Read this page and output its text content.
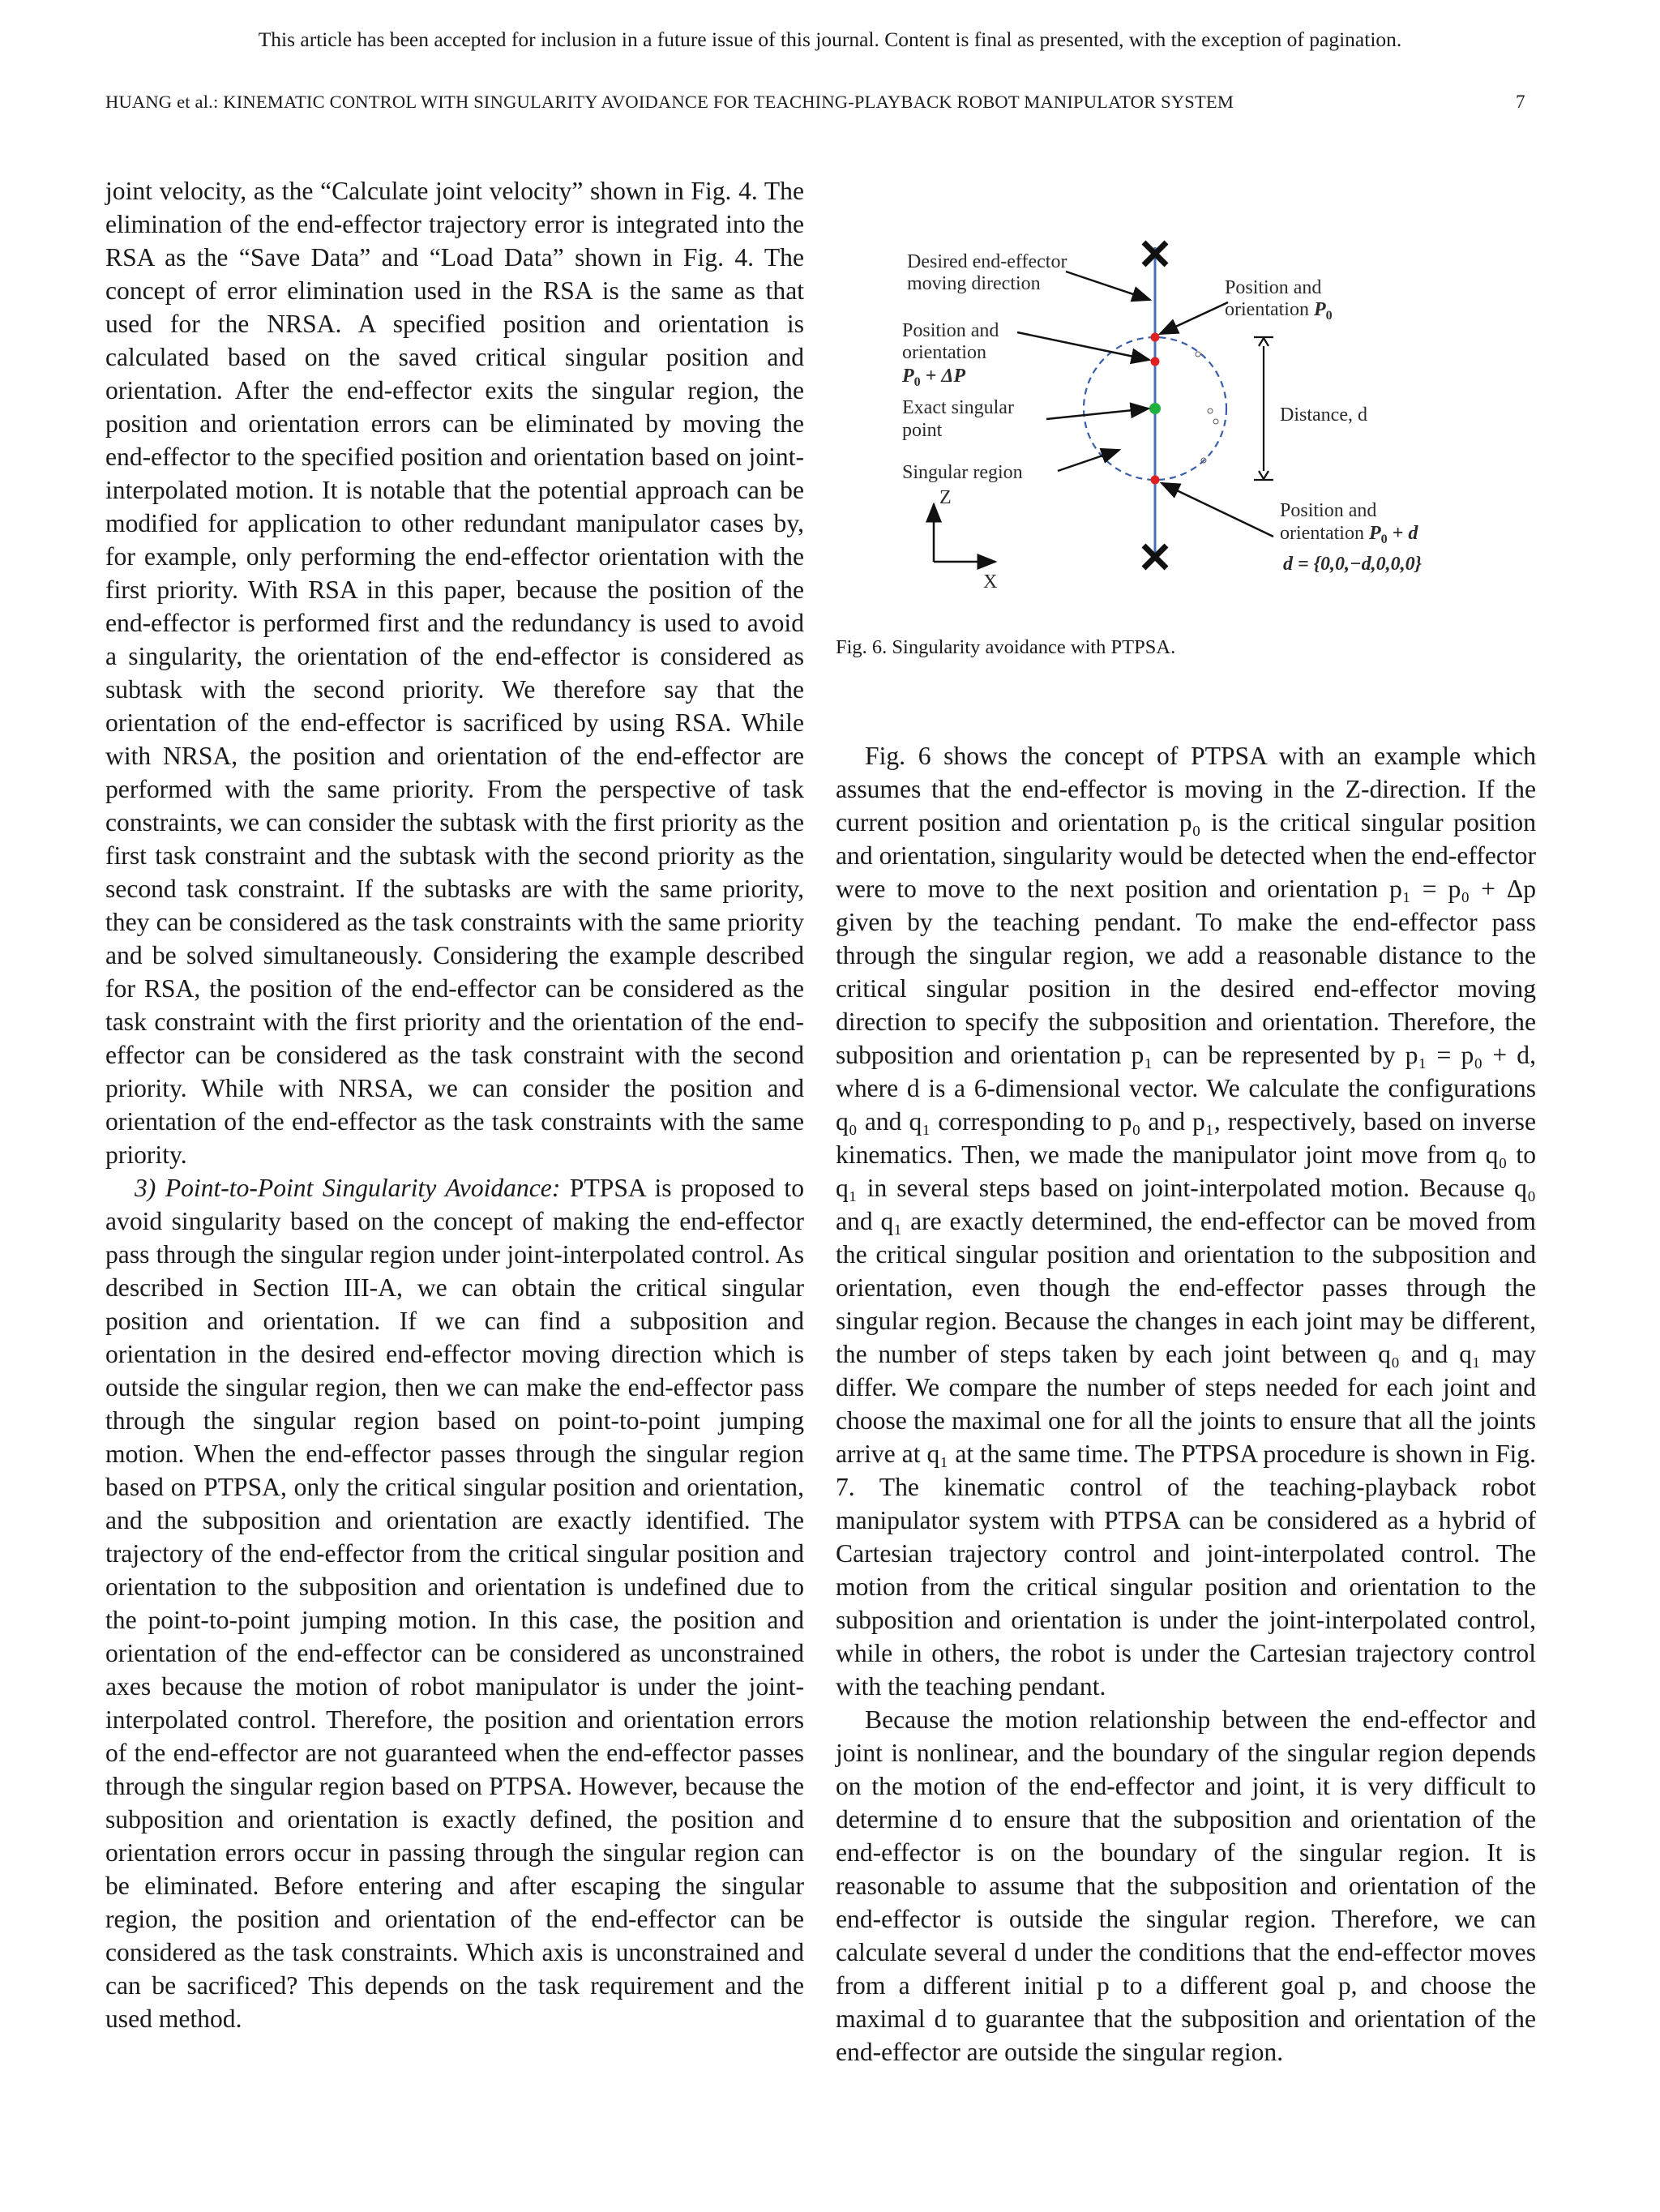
This article has been accepted for inclusion in a future issue of this journal. Content is final as presented, with the exception of pagination.
HUANG et al.: KINEMATIC CONTROL WITH SINGULARITY AVOIDANCE FOR TEACHING-PLAYBACK ROBOT MANIPULATOR SYSTEM	7

joint velocity, as the “Calculate joint velocity” shown in Fig. 4. The elimination of the end-effector trajectory error is integrated into the RSA as the “Save Data” and “Load Data” shown in Fig. 4. The concept of error elimination used in the RSA is the same as that used for the NRSA. A specified position and orientation is calculated based on the saved critical singular position and orientation. After the end-effector exits the singular region, the position and orientation errors can be eliminated by moving the end-effector to the specified position and orientation based on joint-interpolated motion. It is notable that the potential approach can be modified for application to other redundant manipulator cases by, for example, only performing the end-effector orientation with the first priority. With RSA in this paper, because the position of the end-effector is performed first and the redundancy is used to avoid a singularity, the orientation of the end-effector is considered as subtask with the second priority. We therefore say that the orientation of the end-effector is sacrificed by using RSA. While with NRSA, the position and orientation of the end-effector are performed with the same priority. From the perspective of task constraints, we can consider the subtask with the first priority as the first task constraint and the subtask with the second priority as the second task constraint. If the subtasks are with the same priority, they can be considered as the task constraints with the same priority and be solved simultaneously. Considering the example described for RSA, the position of the end-effector can be considered as the task constraint with the first priority and the orientation of the end-effector can be considered as the task constraint with the second priority. While with NRSA, we can consider the position and orientation of the end-effector as the task constraints with the same priority.

3) Point-to-Point Singularity Avoidance: PTPSA is proposed to avoid singularity based on the concept of making the end-effector pass through the singular region under joint-interpolated control. As described in Section III-A, we can obtain the critical singular position and orientation. If we can find a subposition and orientation in the desired end-effector moving direction which is outside the singular region, then we can make the end-effector pass through the singular region based on point-to-point jumping motion. When the end-effector passes through the singular region based on PTPSA, only the critical singular position and orientation, and the subposition and orientation are exactly identified. The trajectory of the end-effector from the critical singular position and orientation to the subposition and orientation is undefined due to the point-to-point jumping motion. In this case, the position and orientation of the end-effector can be considered as unconstrained axes because the motion of robot manipulator is under the joint-interpolated control. Therefore, the position and orientation errors of the end-effector are not guaranteed when the end-effector passes through the singular region based on PTPSA. However, because the subposition and orientation is exactly defined, the position and orientation errors occur in passing through the singular region can be eliminated. Before entering and after escaping the singular region, the position and orientation of the end-effector can be considered as the task constraints. Which axis is unconstrained and can be sacrificed? This depends on the task requirement and the used method.

Desired end-effector
moving direction	Position and
orientation $P_0$
Position and
orientation
$P_0 + \Delta P$
Exact singular
point
Singular region
Distance, d
Position and
orientation $P_0 + d$
d = {0,0,−d,0,0,0}
Z
X
Fig. 6. Singularity avoidance with PTPSA.

Fig. 6 shows the concept of PTPSA with an example which assumes that the end-effector is moving in the Z-direction. If the current position and orientation p₀ is the critical singular position and orientation, singularity would be detected when the end-effector were to move to the next position and orientation p₁ = p₀ + Δp given by the teaching pendant. To make the end-effector pass through the singular region, we add a reasonable distance to the critical singular position in the desired end-effector moving direction to specify the subposition and orientation. Therefore, the subposition and orientation p₁ can be represented by p₁ = p₀ + d, where d is a 6-dimensional vector. We calculate the configurations q₀ and q₁ corresponding to p₀ and p₁, respectively, based on inverse kinematics. Then, we made the manipulator joint move from q₀ to q₁ in several steps based on joint-interpolated motion. Because q₀ and q₁ are exactly determined, the end-effector can be moved from the critical singular position and orientation to the subposition and orientation, even though the end-effector passes through the singular region. Because the changes in each joint may be different, the number of steps taken by each joint between q₀ and q₁ may differ. We compare the number of steps needed for each joint and choose the maximal one for all the joints to ensure that all the joints arrive at q₁ at the same time. The PTPSA procedure is shown in Fig. 7. The kinematic control of the teaching-playback robot manipulator system with PTPSA can be considered as a hybrid of Cartesian trajectory control and joint-interpolated control. The motion from the critical singular position and orientation to the subposition and orientation is under the joint-interpolated control, while in others, the robot is under the Cartesian trajectory control with the teaching pendant.

Because the motion relationship between the end-effector and joint is nonlinear, and the boundary of the singular region depends on the motion of the end-effector and joint, it is very difficult to determine d to ensure that the subposition and orientation of the end-effector is on the boundary of the singular region. It is reasonable to assume that the subposition and orientation of the end-effector is outside the singular region. Therefore, we can calculate several d under the conditions that the end-effector moves from a different initial p to a different goal p, and choose the maximal d to guarantee that the subposition and orientation of the end-effector are outside the singular region.
